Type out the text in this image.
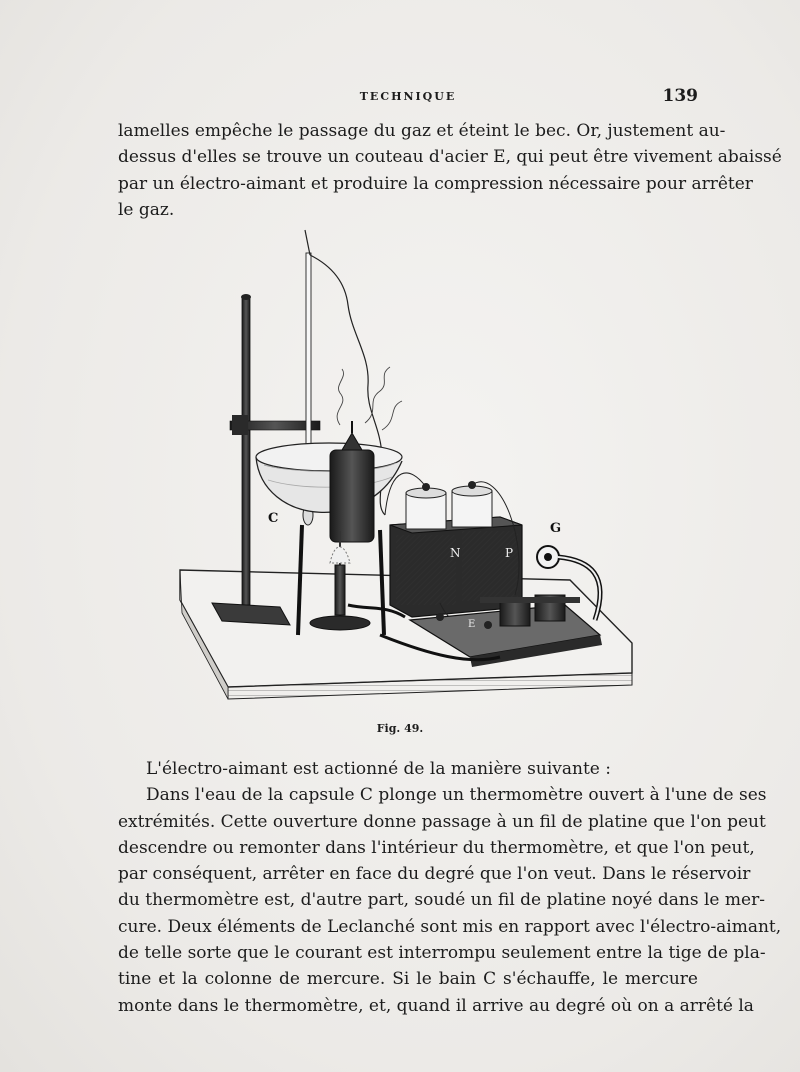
TECHNIQUE	139
lamelles empêche le passage du gaz et éteint le bec. Or, justement au-
dessus d'elles se trouve un couteau d'acier E, qui peut être vivement abaissé
par un électro-aimant et produire la compression nécessaire pour arrêter
le gaz.
C
G
N	P
E
Fig. 49.
L'électro-aimant est actionné de la manière suivante :
Dans l'eau de la capsule C plonge un thermomètre ouvert à l'une de ses
extrémités. Cette ouverture donne passage à un fil de platine que l'on peut
descendre ou remonter dans l'intérieur du thermomètre, et que l'on peut,
par conséquent, arrêter en face du degré que l'on veut. Dans le réservoir
du thermomètre est, d'autre part, soudé un fil de platine noyé dans le mer-
cure. Deux éléments de Leclanché sont mis en rapport avec l'électro-aimant,
de telle sorte que le courant est interrompu seulement entre la tige de pla-
tine et la colonne de mercure. Si le bain C s'échauffe, le mercure
monte dans le thermomètre, et, quand il arrive au degré où on a arrêté la
